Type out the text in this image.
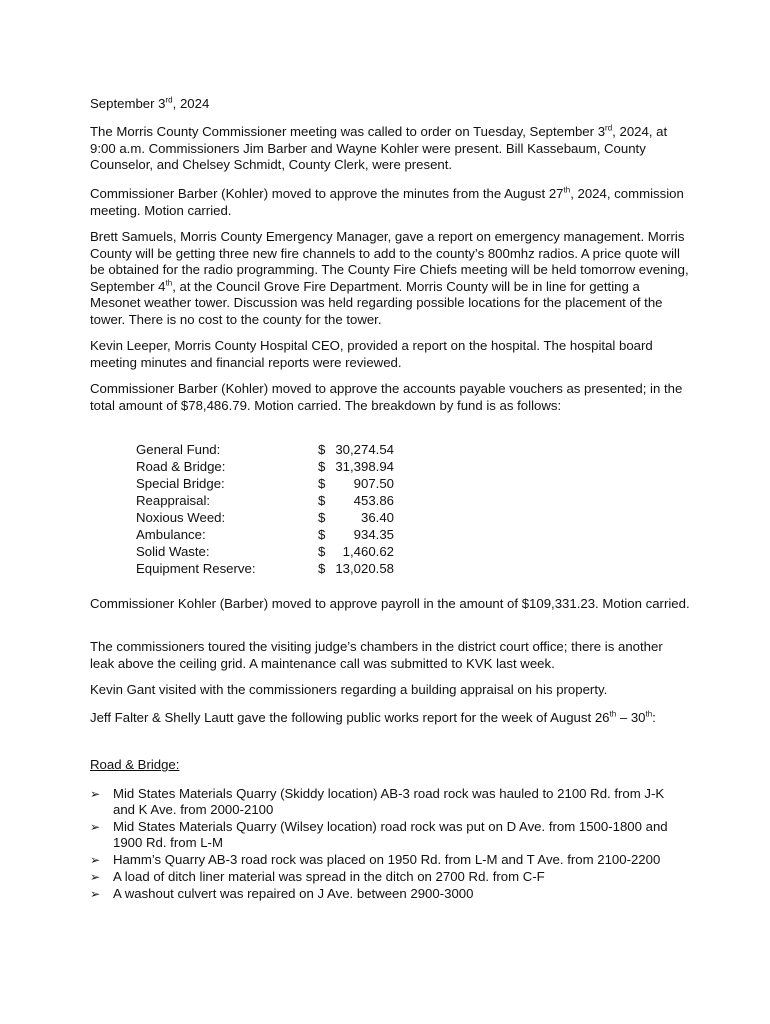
September 3rd, 2024

The Morris County Commissioner meeting was called to order on Tuesday, September 3rd, 2024, at 9:00 a.m. Commissioners Jim Barber and Wayne Kohler were present. Bill Kassebaum, County Counselor, and Chelsey Schmidt, County Clerk, were present.

Commissioner Barber (Kohler) moved to approve the minutes from the August 27th, 2024, commission meeting. Motion carried.

Brett Samuels, Morris County Emergency Manager, gave a report on emergency management. Morris County will be getting three new fire channels to add to the county’s 800mhz radios. A price quote will be obtained for the radio programming. The County Fire Chiefs meeting will be held tomorrow evening, September 4th, at the Council Grove Fire Department. Morris County will be in line for getting a Mesonet weather tower. Discussion was held regarding possible locations for the placement of the tower. There is no cost to the county for the tower.

Kevin Leeper, Morris County Hospital CEO, provided a report on the hospital. The hospital board meeting minutes and financial reports were reviewed.

Commissioner Barber (Kohler) moved to approve the accounts payable vouchers as presented; in the total amount of $78,486.79. Motion carried. The breakdown by fund is as follows:

General Fund:	$	30,274.54
Road & Bridge:	$	31,398.94
Special Bridge:	$	907.50
Reappraisal:	$	453.86
Noxious Weed:	$	36.40
Ambulance:	$	934.35
Solid Waste:	$	1,460.62
Equipment Reserve:	$	13,020.58

Commissioner Kohler (Barber) moved to approve payroll in the amount of $109,331.23. Motion carried.

The commissioners toured the visiting judge’s chambers in the district court office; there is another leak above the ceiling grid. A maintenance call was submitted to KVK last week.

Kevin Gant visited with the commissioners regarding a building appraisal on his property.

Jeff Falter & Shelly Lautt gave the following public works report for the week of August 26th – 30th:

Road & Bridge:
➢ Mid States Materials Quarry (Skiddy location) AB-3 road rock was hauled to 2100 Rd. from J-K and K Ave. from 2000-2100
➢ Mid States Materials Quarry (Wilsey location) road rock was put on D Ave. from 1500-1800 and 1900 Rd. from L-M
➢ Hamm’s Quarry AB-3 road rock was placed on 1950 Rd. from L-M and T Ave. from 2100-2200
➢ A load of ditch liner material was spread in the ditch on 2700 Rd. from C-F
➢ A washout culvert was repaired on J Ave. between 2900-3000
